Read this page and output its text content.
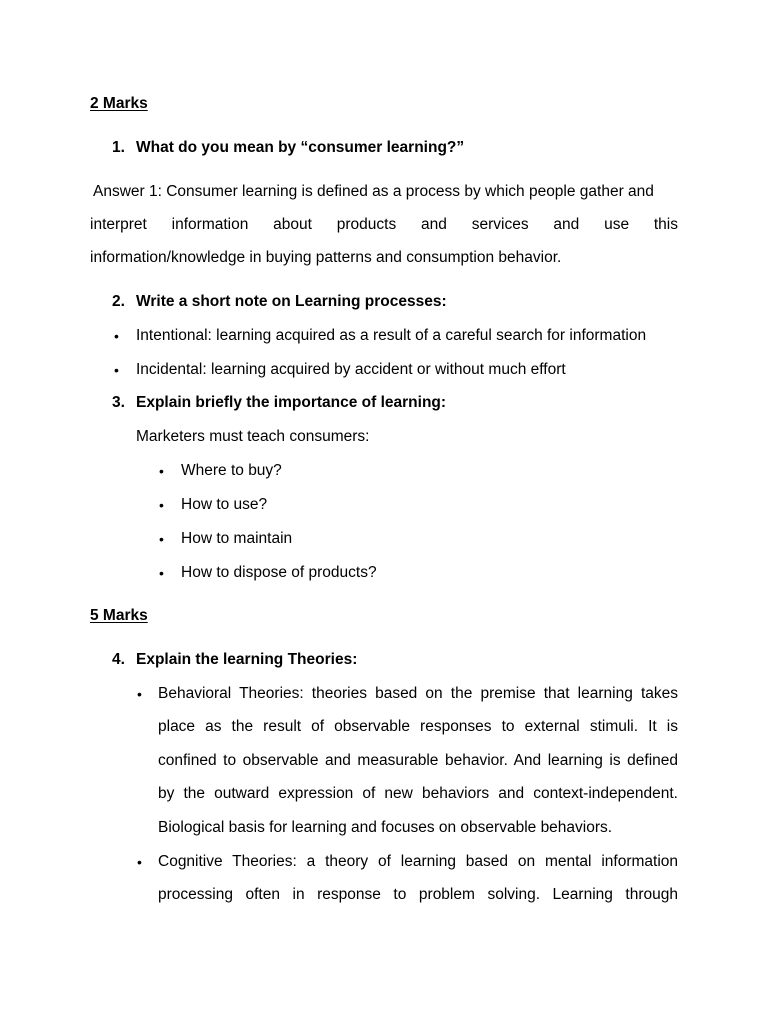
2 Marks
1. What do you mean by “consumer learning?”
Answer 1: Consumer learning is defined as a process by which people gather and
interpret information about products and services and use this
information/knowledge in buying patterns and consumption behavior.
2. Write a short note on Learning processes:
• Intentional: learning acquired as a result of a careful search for information
• Incidental: learning acquired by accident or without much effort
3. Explain briefly the importance of learning:
Marketers must teach consumers:
• Where to buy?
• How to use?
• How to maintain
• How to dispose of products?
5 Marks
4. Explain the learning Theories:
• Behavioral Theories: theories based on the premise that learning takes
place as the result of observable responses to external stimuli. It is
confined to observable and measurable behavior. And learning is defined
by the outward expression of new behaviors and context-independent.
Biological basis for learning and focuses on observable behaviors.
• Cognitive Theories: a theory of learning based on mental information
processing often in response to problem solving. Learning through
